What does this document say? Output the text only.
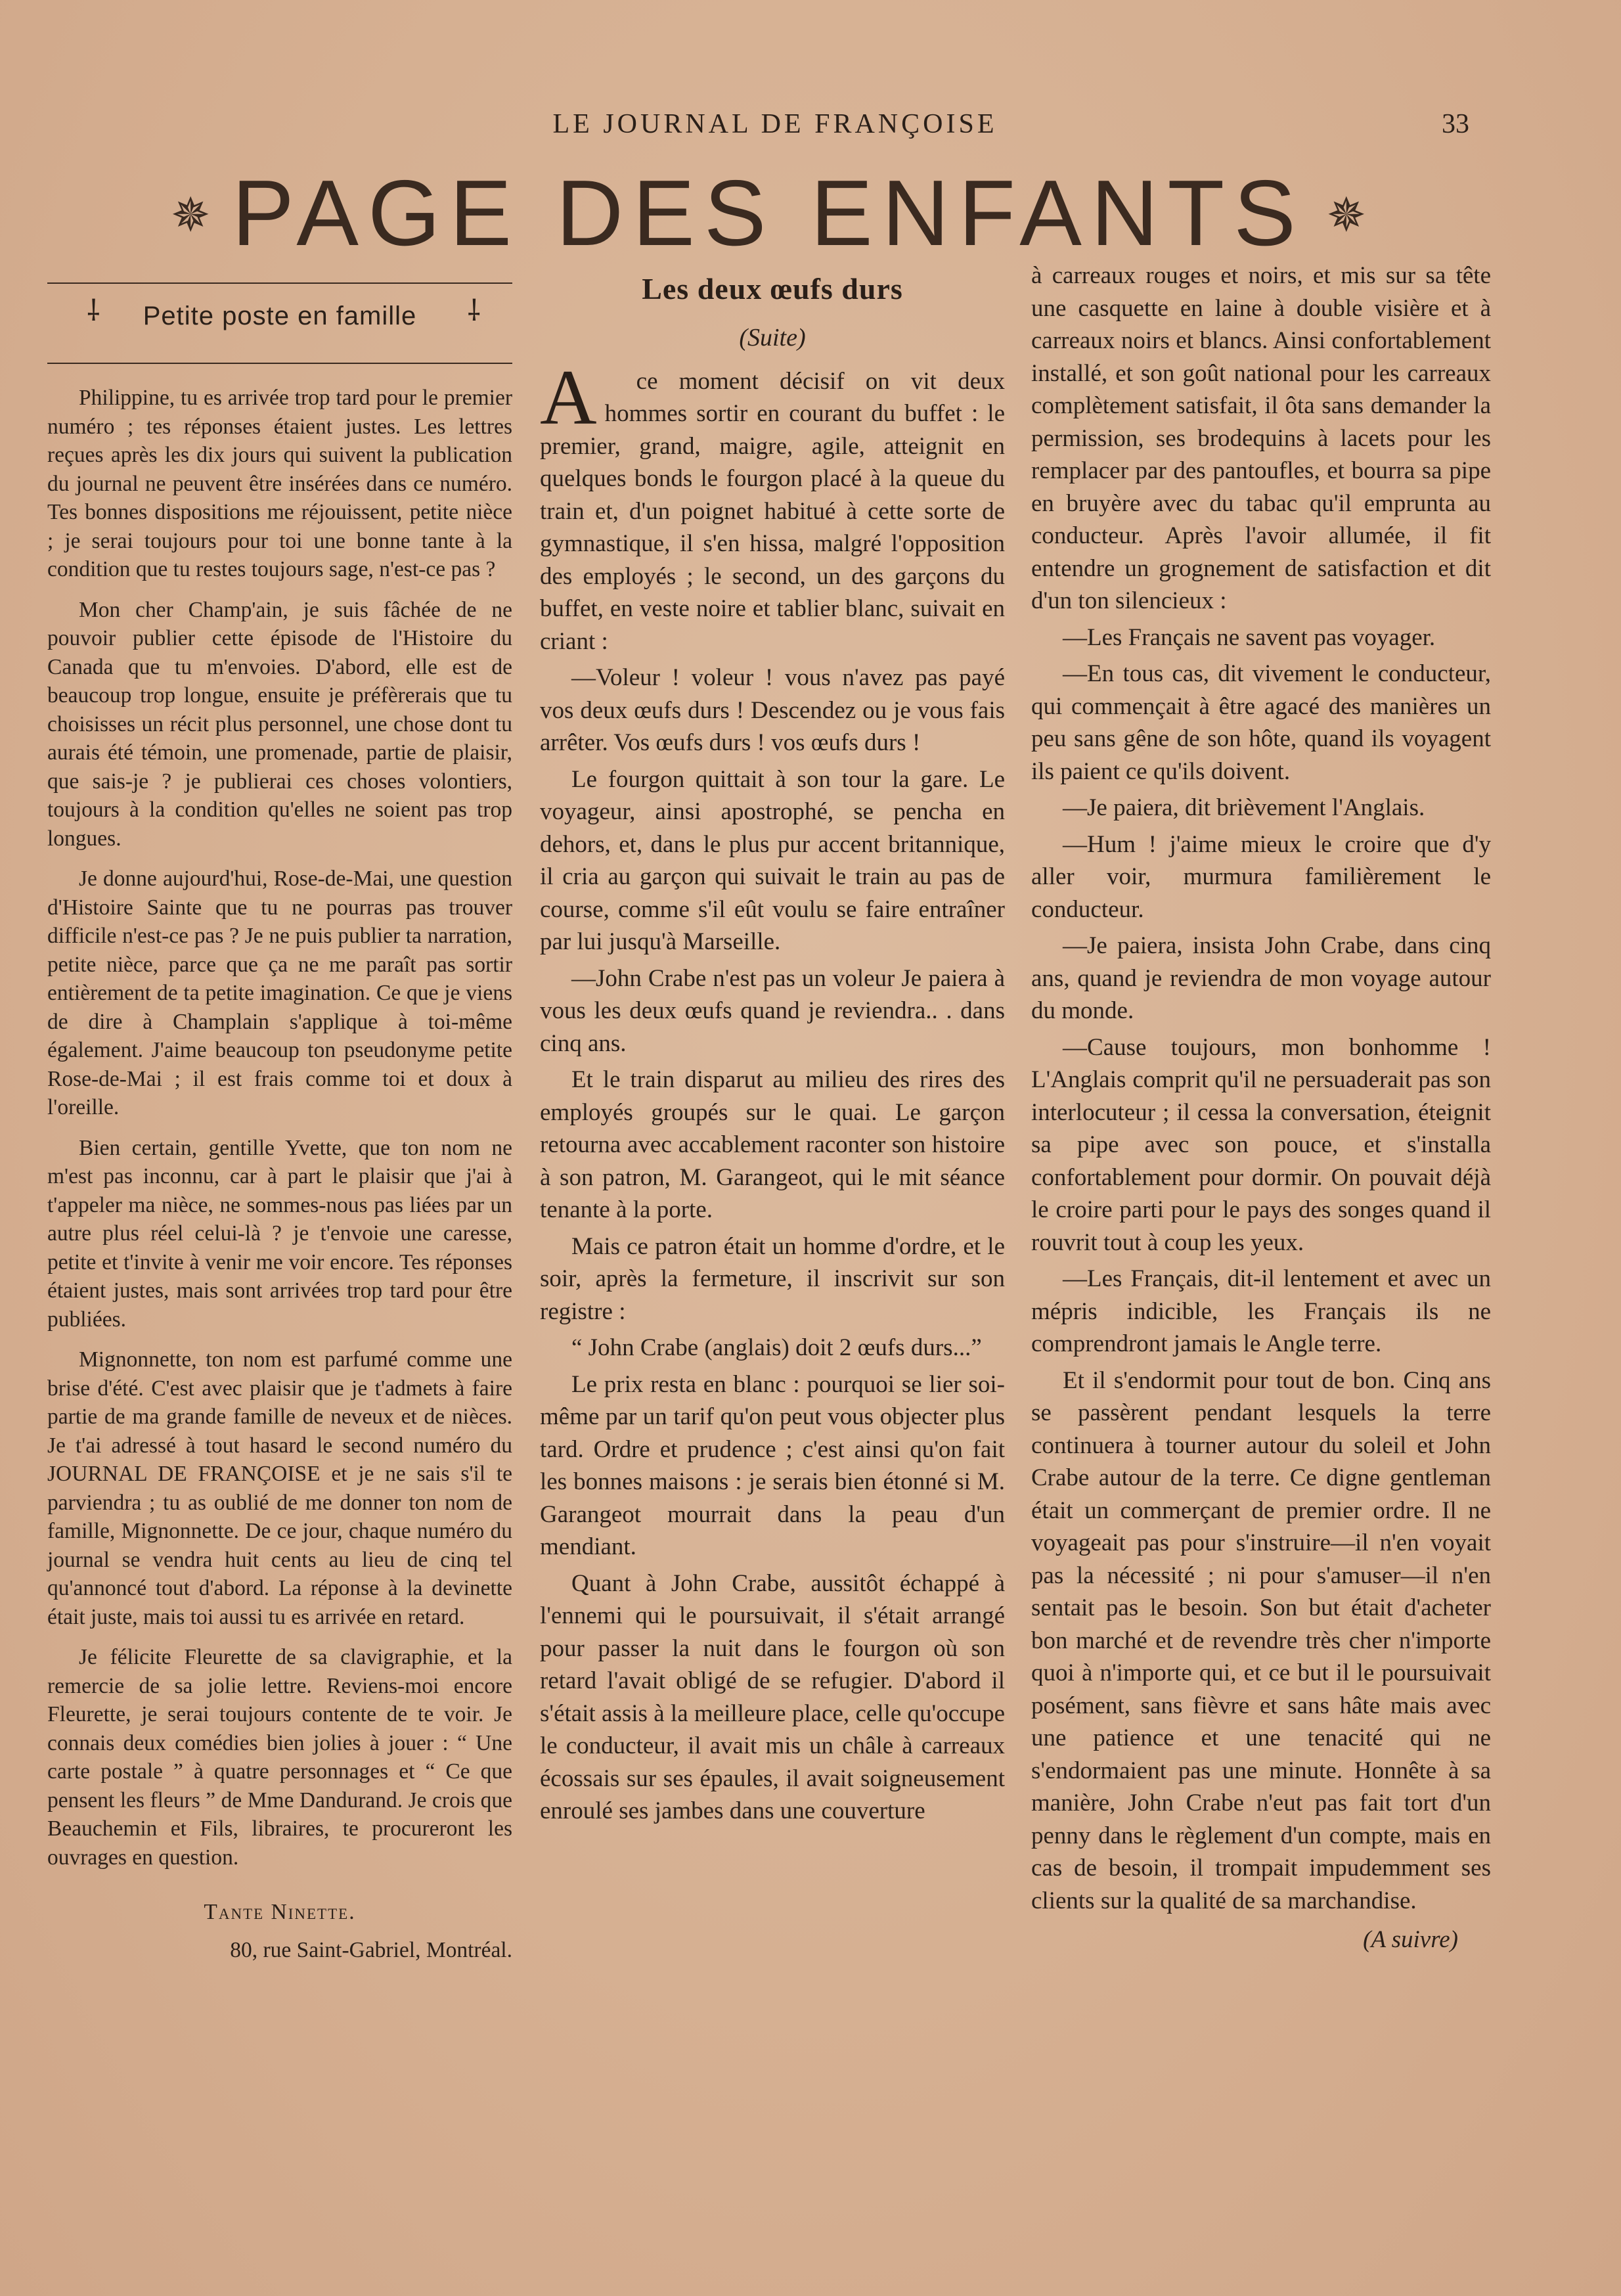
LE JOURNAL DE FRANÇOISE	33
✵ PAGE DES ENFANTS ✵
⸸	Petite poste en famille	⸸

Philippine, tu es arrivée trop tard pour le premier numéro ; tes réponses étaient justes. Les lettres reçues après les dix jours qui suivent la publication du journal ne peuvent être insérées dans ce numéro. Tes bonnes dispositions me réjouissent, petite nièce ; je serai toujours pour toi une bonne tante à la condition que tu restes toujours sage, n'est-ce pas ?

Mon cher Champ'ain, je suis fâchée de ne pouvoir publier cette épisode de l'Histoire du Canada que tu m'envoies. D'abord, elle est de beaucoup trop longue, ensuite je préfèrerais que tu choisisses un récit plus personnel, une chose dont tu aurais été témoin, une promenade, partie de plaisir, que sais-je ? je publierai ces choses volontiers, toujours à la condition qu'elles ne soient pas trop longues.

Je donne aujourd'hui, Rose-de-Mai, une question d'Histoire Sainte que tu ne pourras pas trouver difficile n'est-ce pas ? Je ne puis publier ta narration, petite nièce, parce que ça ne me paraît pas sortir entièrement de ta petite imagination. Ce que je viens de dire à Champlain s'applique à toi-même également. J'aime beaucoup ton pseudonyme petite Rose-de-Mai ; il est frais comme toi et doux à l'oreille.

Bien certain, gentille Yvette, que ton nom ne m'est pas inconnu, car à part le plaisir que j'ai à t'appeler ma nièce, ne sommes-nous pas liées par un autre plus réel celui-là ? je t'envoie une caresse, petite et t'invite à venir me voir encore. Tes réponses étaient justes, mais sont arrivées trop tard pour être publiées.

Mignonnette, ton nom est parfumé comme une brise d'été. C'est avec plaisir que je t'admets à faire partie de ma grande famille de neveux et de nièces. Je t'ai adressé à tout hasard le second numéro du JOURNAL DE FRANÇOISE et je ne sais s'il te parviendra ; tu as oublié de me donner ton nom de famille, Mignonnette. De ce jour, chaque numéro du journal se vendra huit cents au lieu de cinq tel qu'annoncé tout d'abord. La réponse à la devinette était juste, mais toi aussi tu es arrivée en retard.

Je félicite Fleurette de sa clavigraphie, et la remercie de sa jolie lettre. Reviens-moi encore Fleurette, je serai toujours contente de te voir. Je connais deux comédies bien jolies à jouer : “ Une carte postale ” à quatre personnages et “ Ce que pensent les fleurs ” de Mme Dandurand. Je crois que Beauchemin et Fils, libraires, te procureront les ouvrages en question.

Tante Ninette.
80, rue Saint-Gabriel, Montréal.
Les deux œufs durs
(Suite)

A ce moment décisif on vit deux hommes sortir en courant du buffet : le premier, grand, maigre, agile, atteignit en quelques bonds le fourgon placé à la queue du train et, d'un poignet habitué à cette sorte de gymnastique, il s'en hissa, malgré l'opposition des employés ; le second, un des garçons du buffet, en veste noire et tablier blanc, suivait en criant :

—Voleur ! voleur ! vous n'avez pas payé vos deux œufs durs ! Descendez ou je vous fais arrêter. Vos œufs durs ! vos œufs durs !

Le fourgon quittait à son tour la gare. Le voyageur, ainsi apostrophé, se pencha en dehors, et, dans le plus pur accent britannique, il cria au garçon qui suivait le train au pas de course, comme s'il eût voulu se faire entraîner par lui jusqu'à Marseille.

—John Crabe n'est pas un voleur Je paiera à vous les deux œufs quand je reviendra.. . dans cinq ans.

Et le train disparut au milieu des rires des employés groupés sur le quai. Le garçon retourna avec accablement raconter son histoire à son patron, M. Garangeot, qui le mit séance tenante à la porte.

Mais ce patron était un homme d'ordre, et le soir, après la fermeture, il inscrivit sur son registre :

“ John Crabe (anglais) doit 2 œufs durs...”

Le prix resta en blanc : pourquoi se lier soi-même par un tarif qu'on peut vous objecter plus tard. Ordre et prudence ; c'est ainsi qu'on fait les bonnes maisons : je serais bien étonné si M. Garangeot mourrait dans la peau d'un mendiant.

Quant à John Crabe, aussitôt échappé à l'ennemi qui le poursuivait, il s'était arrangé pour passer la nuit dans le fourgon où son retard l'avait obligé de se refugier. D'abord il s'était assis à la meilleure place, celle qu'occupe le conducteur, il avait mis un châle à carreaux écossais sur ses épaules, il avait soigneusement enroulé ses jambes dans une couverture

à carreaux rouges et noirs, et mis sur sa tête une casquette en laine à double visière et à carreaux noirs et blancs. Ainsi confortablement installé, et son goût national pour les carreaux complètement satisfait, il ôta sans demander la permission, ses brodequins à lacets pour les remplacer par des pantoufles, et bourra sa pipe en bruyère avec du tabac qu'il emprunta au conducteur. Après l'avoir allumée, il fit entendre un grognement de satisfaction et dit d'un ton silencieux :

—Les Français ne savent pas voyager.

—En tous cas, dit vivement le conducteur, qui commençait à être agacé des manières un peu sans gêne de son hôte, quand ils voyagent ils paient ce qu'ils doivent.

—Je paiera, dit brièvement l'Anglais.

—Hum ! j'aime mieux le croire que d'y aller voir, murmura familièrement le conducteur.

—Je paiera, insista John Crabe, dans cinq ans, quand je reviendra de mon voyage autour du monde.

—Cause toujours, mon bonhomme ! L'Anglais comprit qu'il ne persuaderait pas son interlocuteur ; il cessa la conversation, éteignit sa pipe avec son pouce, et s'installa confortablement pour dormir. On pouvait déjà le croire parti pour le pays des songes quand il rouvrit tout à coup les yeux.

—Les Français, dit-il lentement et avec un mépris indicible, les Français ils ne comprendront jamais le Angle terre.

Et il s'endormit pour tout de bon. Cinq ans se passèrent pendant lesquels la terre continuera à tourner autour du soleil et John Crabe autour de la terre. Ce digne gentleman était un commerçant de premier ordre. Il ne voyageait pas pour s'instruire—il n'en voyait pas la nécessité ; ni pour s'amuser—il n'en sentait pas le besoin. Son but était d'acheter bon marché et de revendre très cher n'importe quoi à n'importe qui, et ce but il le poursuivait posément, sans fièvre et sans hâte mais avec une patience et une tenacité qui ne s'endormaient pas une minute. Honnête à sa manière, John Crabe n'eut pas fait tort d'un penny dans le règlement d'un compte, mais en cas de besoin, il trompait impudemment ses clients sur la qualité de sa marchandise.

(A suivre)
